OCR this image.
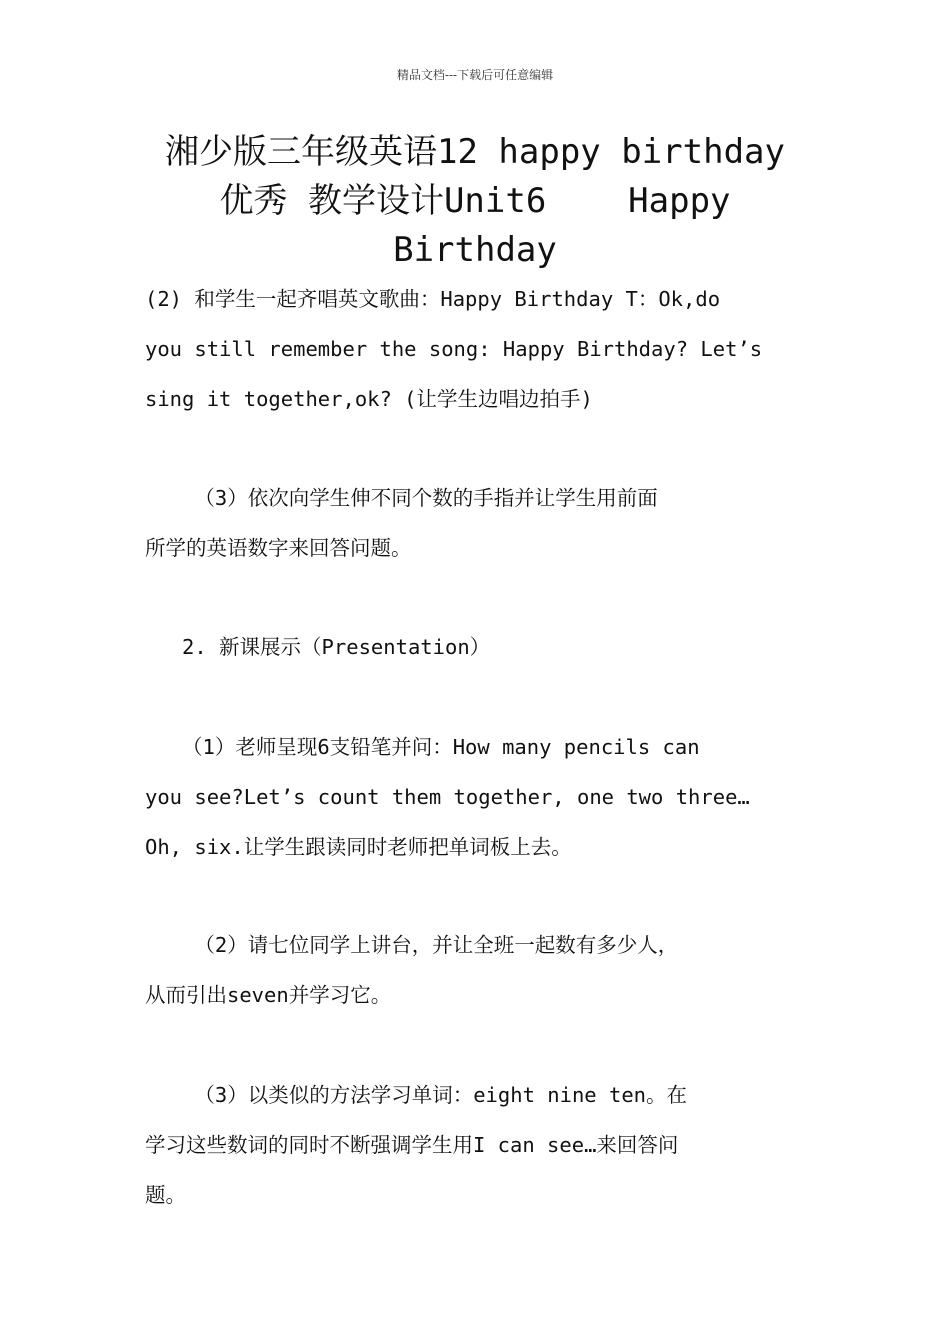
精品文档---下载后可任意编辑
湘少版三年级英语12 happy birthday
优秀 教学设计Unit6    Happy
Birthday
(2) 和学生一起齐唱英文歌曲：Happy Birthday T：Ok,do
you still remember the song: Happy Birthday? Let’s
sing it together,ok? (让学生边唱边拍手)
（3）依次向学生伸不同个数的手指并让学生用前面
所学的英语数字来回答问题。
2. 新课展示（Presentation）
（1）老师呈现6支铅笔并问：How many pencils can
you see?Let’s count them together, one two three…
Oh, six.让学生跟读同时老师把单词板上去。
（2）请七位同学上讲台，并让全班一起数有多少人，
从而引出seven并学习它。
（3）以类似的方法学习单词：eight nine ten。在
学习这些数词的同时不断强调学生用I can see…来回答问
题。
